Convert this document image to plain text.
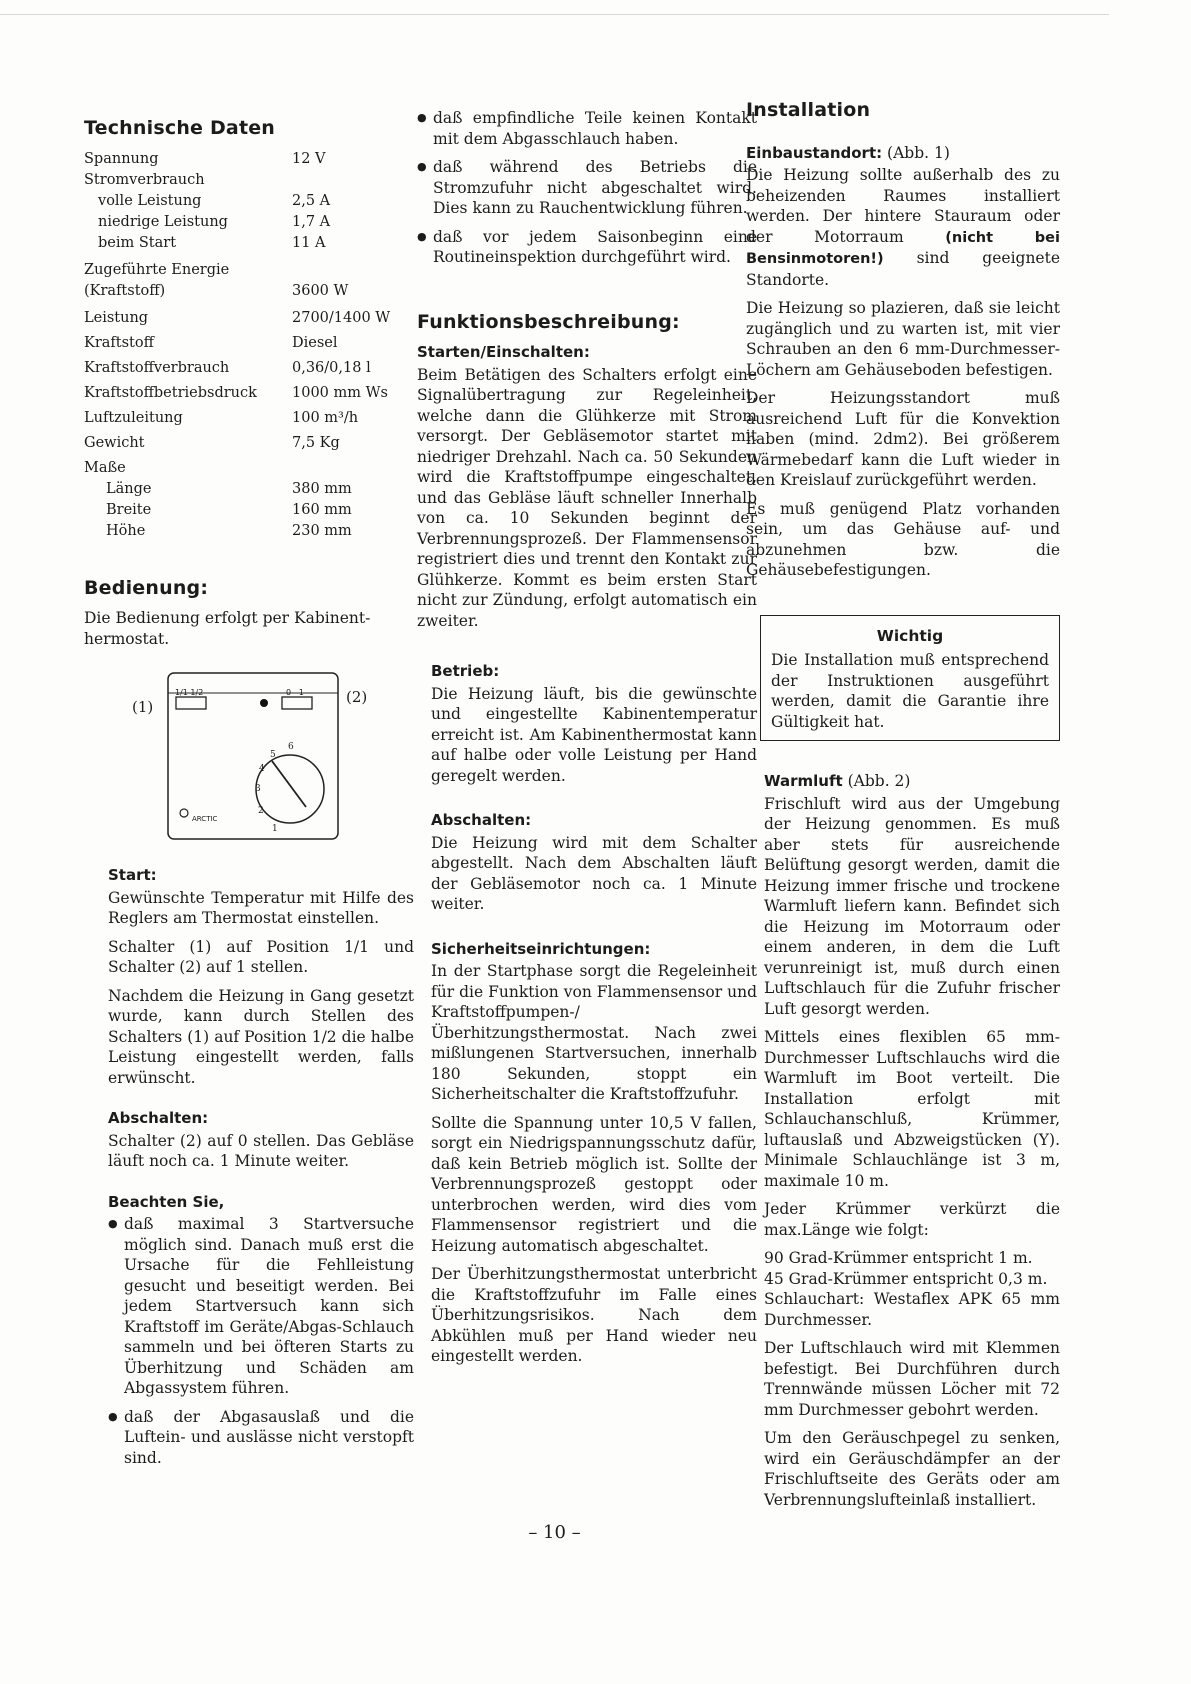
Technische Daten
Spannung	12 V
Stromverbrauch	
volle Leistung	2,5 A
niedrige Leistung	1,7 A
beim Start	11 A
Zugeführte Energie	
(Kraftstoff)	3600 W
Leistung	2700/1400 W
Kraftstoff	Diesel
Kraftstoffverbrauch	0,36/0,18 l
Kraftstoffbetriebsdruck	1000 mm Ws
Luftzuleitung	100 m³/h
Gewicht	7,5 Kg
Maße	
Länge	380 mm
Breite	160 mm
Höhe	230 mm
Bedienung:

Die Bedienung erfolgt per Kabinent-hermostat.

(1)
(2)
1/1 1/2	0   1
1
2
3
4
5
6
ARCTIC
Start:

Gewünschte Temperatur mit Hilfe des Reglers am Thermostat einstellen.

Schalter (1) auf Position 1/1 und Schalter (2) auf 1 stellen.

Nachdem die Heizung in Gang gesetzt wurde, kann durch Stellen des Schalters (1) auf Position 1/2 die halbe Leistung eingestellt werden, falls erwünscht.

Abschalten:

Schalter (2) auf 0 stellen. Das Gebläse läuft noch ca. 1 Minute weiter.

Beachten Sie,
● daß maximal 3 Startversuche möglich sind. Danach muß erst die Ursache für die Fehlleistung gesucht und beseitigt werden. Bei jedem Startversuch kann sich Kraftstoff im Geräte/Abgas-Schlauch sammeln und bei öfteren Starts zu Überhitzung und Schäden am Abgassystem führen.
● daß der Abgasauslaß und die Luftein- und auslässe nicht verstopft sind.
● daß empfindliche Teile keinen Kontakt mit dem Abgasschlauch haben.
● daß während des Betriebs die Stromzufuhr nicht abgeschaltet wird. Dies kann zu Rauchentwicklung führen.
● daß vor jedem Saisonbeginn eine Routineinspektion durchgeführt wird.
Funktionsbeschreibung:
Starten/Einschalten:

Beim Betätigen des Schalters erfolgt eine Signalübertragung zur Regeleinheit, welche dann die Glühkerze mit Strom versorgt. Der Gebläsemotor startet mit niedriger Drehzahl. Nach ca. 50 Sekunden wird die Kraftstoffpumpe eingeschaltet, und das Gebläse läuft schneller Innerhalb von ca. 10 Sekunden beginnt der Verbrennungsprozeß. Der Flammensensor registriert dies und trennt den Kontakt zur Glühkerze. Kommt es beim ersten Start nicht zur Zündung, erfolgt automatisch ein zweiter.

Betrieb:

Die Heizung läuft, bis die gewünschte und eingestellte Kabinentemperatur erreicht ist. Am Kabinenthermostat kann auf halbe oder volle Leistung per Hand geregelt werden.

Abschalten:

Die Heizung wird mit dem Schalter abgestellt. Nach dem Abschalten läuft der Gebläsemotor noch ca. 1 Minute weiter.

Sicherheitseinrichtungen:

In der Startphase sorgt die Regeleinheit für die Funktion von Flammensensor und Kraftstoffpumpen-/Überhitzungsthermostat. Nach zwei mißlungenen Startversuchen, innerhalb 180 Sekunden, stoppt ein Sicherheitschalter die Kraftstoffzufuhr.

Sollte die Spannung unter 10,5 V fallen, sorgt ein Niedrigspannungsschutz dafür, daß kein Betrieb möglich ist. Sollte der Verbrennungsprozeß gestoppt oder unterbrochen werden, wird dies vom Flammensensor registriert und die Heizung automatisch abgeschaltet.

Der Überhitzungsthermostat unterbricht die Kraftstoffzufuhr im Falle eines Überhitzungsrisikos. Nach dem Abkühlen muß per Hand wieder neu eingestellt werden.

Installation

Einbaustandort: (Abb. 1)

Die Heizung sollte außerhalb des zu beheizenden Raumes installiert werden. Der hintere Stauraum oder der Motorraum (nicht bei Bensinmotoren!) sind geeignete Standorte.

Die Heizung so plazieren, daß sie leicht zugänglich und zu warten ist, mit vier Schrauben an den 6 mm-Durchmesser-Löchern am Gehäuseboden befestigen.

Der Heizungsstandort muß ausreichend Luft für die Konvektion haben (mind. 2dm2). Bei größerem Wärmebedarf kann die Luft wieder in den Kreislauf zurückgeführt werden.

Es muß genügend Platz vorhanden sein, um das Gehäuse auf- und abzunehmen bzw. die Gehäusebefestigungen.

Wichtig
Die Installation muß entsprechend der Instruktionen ausgeführt werden, damit die Garantie ihre Gültigkeit hat.

Warmluft (Abb. 2)

Frischluft wird aus der Umgebung der Heizung genommen. Es muß aber stets für ausreichende Belüftung gesorgt werden, damit die Heizung immer frische und trockene Warmluft liefern kann. Befindet sich die Heizung im Motorraum oder einem anderen, in dem die Luft verunreinigt ist, muß durch einen Luftschlauch für die Zufuhr frischer Luft gesorgt werden.

Mittels eines flexiblen 65 mm-Durchmesser Luftschlauchs wird die Warmluft im Boot verteilt. Die Installation erfolgt mit Schlauchanschluß, Krümmer, luftauslaß und Abzweigstücken (Y). Minimale Schlauchlänge ist 3 m, maximale 10 m.

Jeder Krümmer verkürzt die max.Länge wie folgt:

90 Grad-Krümmer entspricht 1 m.

45 Grad-Krümmer entspricht 0,3 m.

Schlauchart: Westaflex APK 65 mm Durchmesser.

Der Luftschlauch wird mit Klemmen befestigt. Bei Durchführen durch Trennwände müssen Löcher mit 72 mm Durchmesser gebohrt werden.

Um den Geräuschpegel zu senken, wird ein Geräuschdämpfer an der Frischluftseite des Geräts oder am Verbrennungslufteinlaß installiert.

– 10 –
